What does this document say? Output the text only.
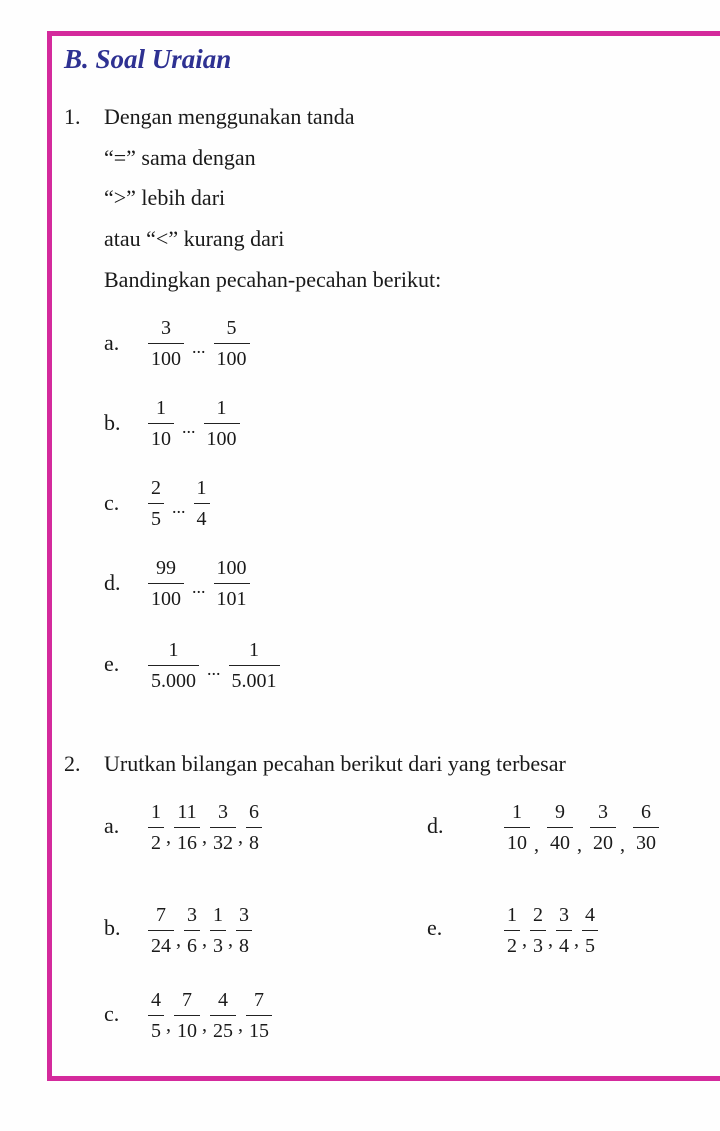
B. Soal Uraian
1. Dengan menggunakan tanda
“=” sama dengan
“>” lebih dari
atau “<” kurang dari
Bandingkan pecahan-pecahan berikut:
a.
3
100
...
5
100
b.
1
10
...
1
100
c.
2
5
...
1
4
d.
99
100
...
100
101
e.
1
5.000
...
1
5.001
2. Urutkan bilangan pecahan berikut dari yang terbesar
a.
1
2 ,
11
16 ,
3
32 ,
6
8
d.
1
10 ,
9
40 ,
3
20 ,
6
30
b. 7
24 ,
3
6 ,
1
3 ,
3
8
e.	1
2 ,
2
3 ,
3
4 ,
4
5
c.
4
5 ,
7
10 ,
4
25 ,
7
15
